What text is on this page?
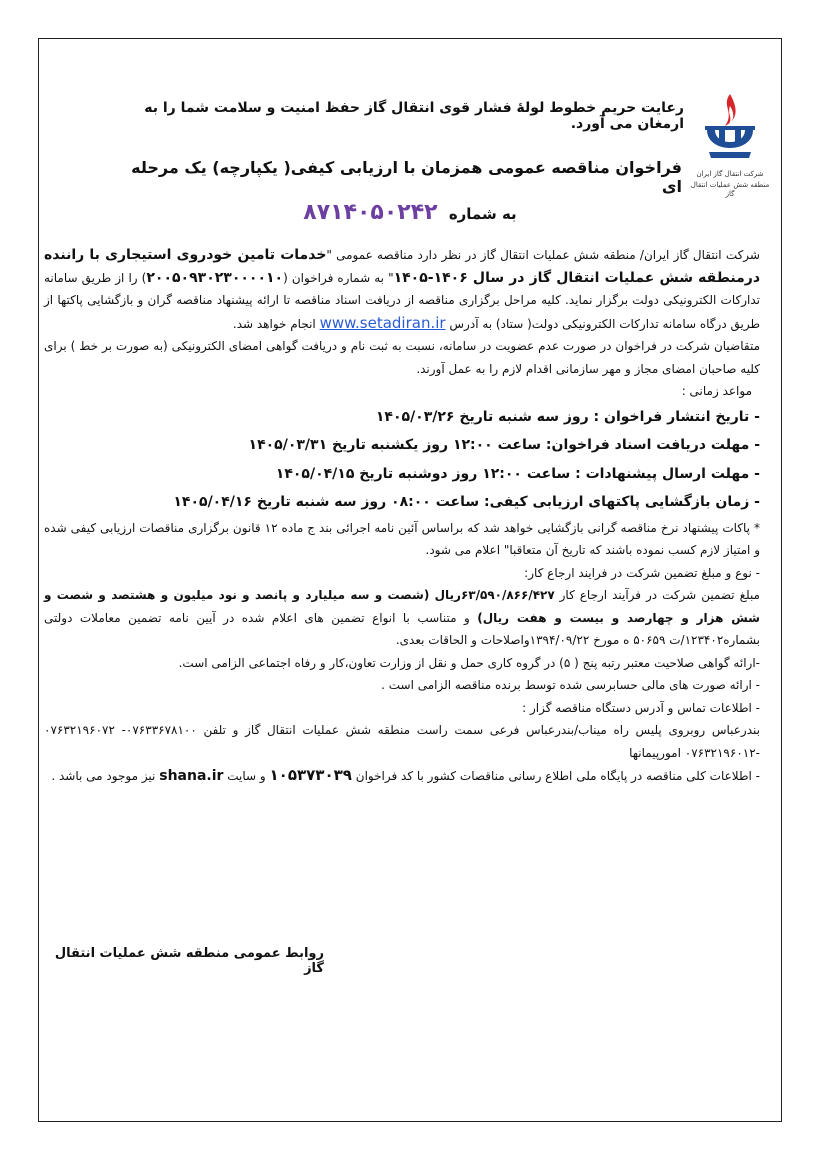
شرکت انتقال گاز ایران
منطقه شش عملیات انتقال گاز
رعایت حریم خطوط لولهٔ فشار قوی انتقال گاز حفظ امنیت و سلامت شما را به ارمغان می آورد.
فراخوان مناقصه عمومی همزمان با ارزیابی کیفی( یکپارچه) یک مرحله ای
به شماره ۸۷۱۴۰۵۰۲۴۲

شرکت انتقال گاز ایران/ منطقه شش عملیات انتقال گاز در نظر دارد مناقصه عمومی "خدمات تامین خودروی استیجاری با راننده درمنطقه شش عملیات انتقال گاز در سال ۱۴۰۶-۱۴۰۵" به شماره فراخوان (۲۰۰۵۰۹۳۰۲۳۰۰۰۰۱۰) را از طریق سامانه تدارکات الکترونیکی دولت برگزار نماید. کلیه مراحل برگزاری مناقصه از دریافت اسناد مناقصه تا ارائه پیشنهاد مناقصه گران و بازگشایی پاکتها از طریق درگاه سامانه تدارکات الکترونیکی دولت( ستاد) به آدرس www.setadiran.ir انجام خواهد شد.

متقاضیان شرکت در فراخوان در صورت عدم عضویت در سامانه، نسبت به ثبت نام و دریافت گواهی امضای الکترونیکی (به صورت بر خط ) برای کلیه صاحبان امضای مجاز و مهر سازمانی اقدام لازم را به عمل آورند.

مواعد زمانی :

- تاریخ انتشار فراخوان : روز سه شنبه تاریخ ۱۴۰۵/۰۳/۲۶

- مهلت دریافت اسناد فراخوان: ساعت ۱۲:۰۰ روز یکشنبه تاریخ ۱۴۰۵/۰۳/۳۱

- مهلت ارسال پیشنهادات : ساعت ۱۲:۰۰ روز دوشنبه تاریخ ۱۴۰۵/۰۴/۱۵

- زمان بازگشایی پاکتهای ارزیابی کیفی: ساعت ۰۸:۰۰ روز سه شنبه تاریخ ۱۴۰۵/۰۴/۱۶

* پاکات پیشنهاد نرخ مناقصه گرانی بازگشایی خواهد شد که براساس آئین نامه اجرائی بند ج ماده ۱۲ قانون برگزاری مناقصات ارزیابی کیفی شده و امتیاز لازم کسب نموده باشند که تاریخ آن متعاقبا" اعلام می شود.

- نوع و مبلغ تضمین شرکت در فرایند ارجاع کار:

مبلغ تضمین شرکت در فرآیند ارجاع کار ۶۳/۵۹۰/۸۶۶/۴۲۷ریال (شصت و سه میلیارد و پانصد و نود میلیون و هشتصد و شصت و شش هزار و چهارصد و بیست و هفت ریال) و متناسب با انواع تضمین های اعلام شده در آیین نامه تضمین معاملات دولتی بشماره۱۲۳۴۰۲/ت ۵۰۶۵۹ ه مورخ ۱۳۹۴/۰۹/۲۲واصلاحات و الحاقات بعدی.

-ارائه گواهی صلاحیت معتبر رتبه پنج ( ۵) در گروه کاری حمل و نقل از وزارت تعاون،کار و رفاه اجتماعی الزامی است.

- ارائه صورت های مالی حسابرسی شده توسط برنده مناقصه الزامی است .

- اطلاعات تماس و آدرس دستگاه مناقصه گزار :

بندرعباس روبروی پلیس راه میناب/بندرعباس فرعی سمت راست منطقه شش عملیات انتقال گاز و تلفن ۰۷۶۳۳۶۷۸۱۰۰- ۰۷۶۳۲۱۹۶۰۷۲ -۰۷۶۳۲۱۹۶۰۱۲ امورپیمانها

- اطلاعات کلی مناقصه در پایگاه ملی اطلاع رسانی مناقصات کشور با کد فراخوان ۱۰۵۳۷۳۰۳۹ و سایت shana.ir نیز موجود می باشد .

روابط عمومی منطقه شش عملیات انتقال گاز
